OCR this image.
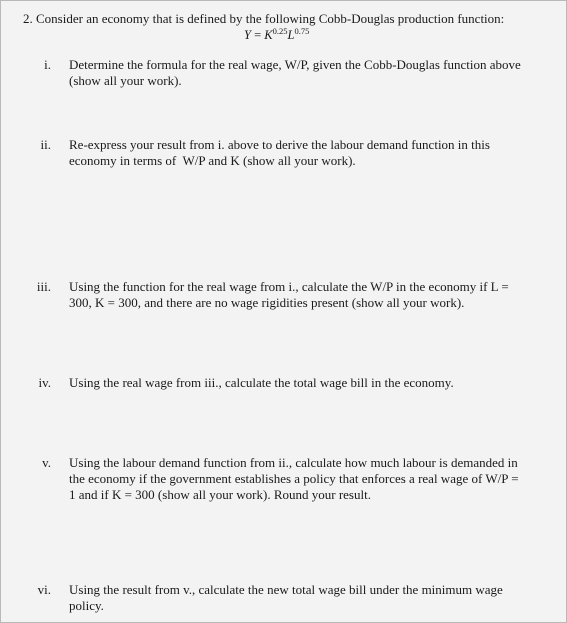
2. Consider an economy that is defined by the following Cobb-Douglas production function:
$Y = K^{0.25}L^{0.75}$
i. Determine the formula for the real wage, W/P, given the Cobb-Douglas function above
(show all your work).
ii. Re-express your result from i. above to derive the labour demand function in this
economy in terms of  W/P and K (show all your work).
iii. Using the function for the real wage from i., calculate the W/P in the economy if L =
300, K = 300, and there are no wage rigidities present (show all your work).
iv. Using the real wage from iii., calculate the total wage bill in the economy.
v. Using the labour demand function from ii., calculate how much labour is demanded in
the economy if the government establishes a policy that enforces a real wage of W/P =
1 and if K = 300 (show all your work). Round your result.
vi. Using the result from v., calculate the new total wage bill under the minimum wage
policy.
